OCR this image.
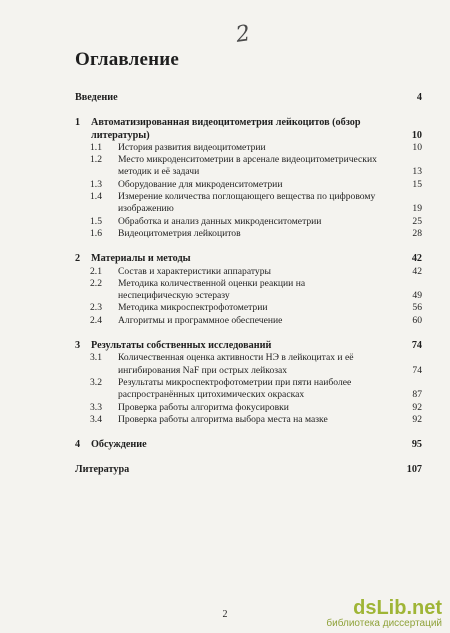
2
Оглавление
Введение	4
1 Автоматизированная видеоцитометрия лейкоцитов (обзор литературы)	10
1.1 История развития видеоцитометрии	10
1.2 Место микроденситометрии в арсенале видеоцитометрических методик и её задачи	13
1.3 Оборудование для микроденситометрии	15
1.4 Измерение количества поглощающего вещества по цифровому изображению	19
1.5 Обработка и анализ данных микроденситометрии	25
1.6 Видеоцитометрия лейкоцитов	28
2 Материалы и методы	42
2.1 Состав и характеристики аппаратуры	42
2.2 Методика количественной оценки реакции на неспецифическую эстеразу	49
2.3 Методика микроспектрофотометрии	56
2.4 Алгоритмы и программное обеспечение	60
3 Результаты собственных исследований	74
3.1 Количественная оценка активности НЭ в лейкоцитах и её ингибирования NaF при острых лейкозах	74
3.2 Результаты микроспектрофотометрии при пяти наиболее распространённых цитохимических окрасках	87
3.3 Проверка работы алгоритма фокусировки	92
3.4 Проверка работы алгоритма выбора места на мазке	92
4 Обсуждение	95
Литература	107
2	dsLib.net
библиотека диссертаций
